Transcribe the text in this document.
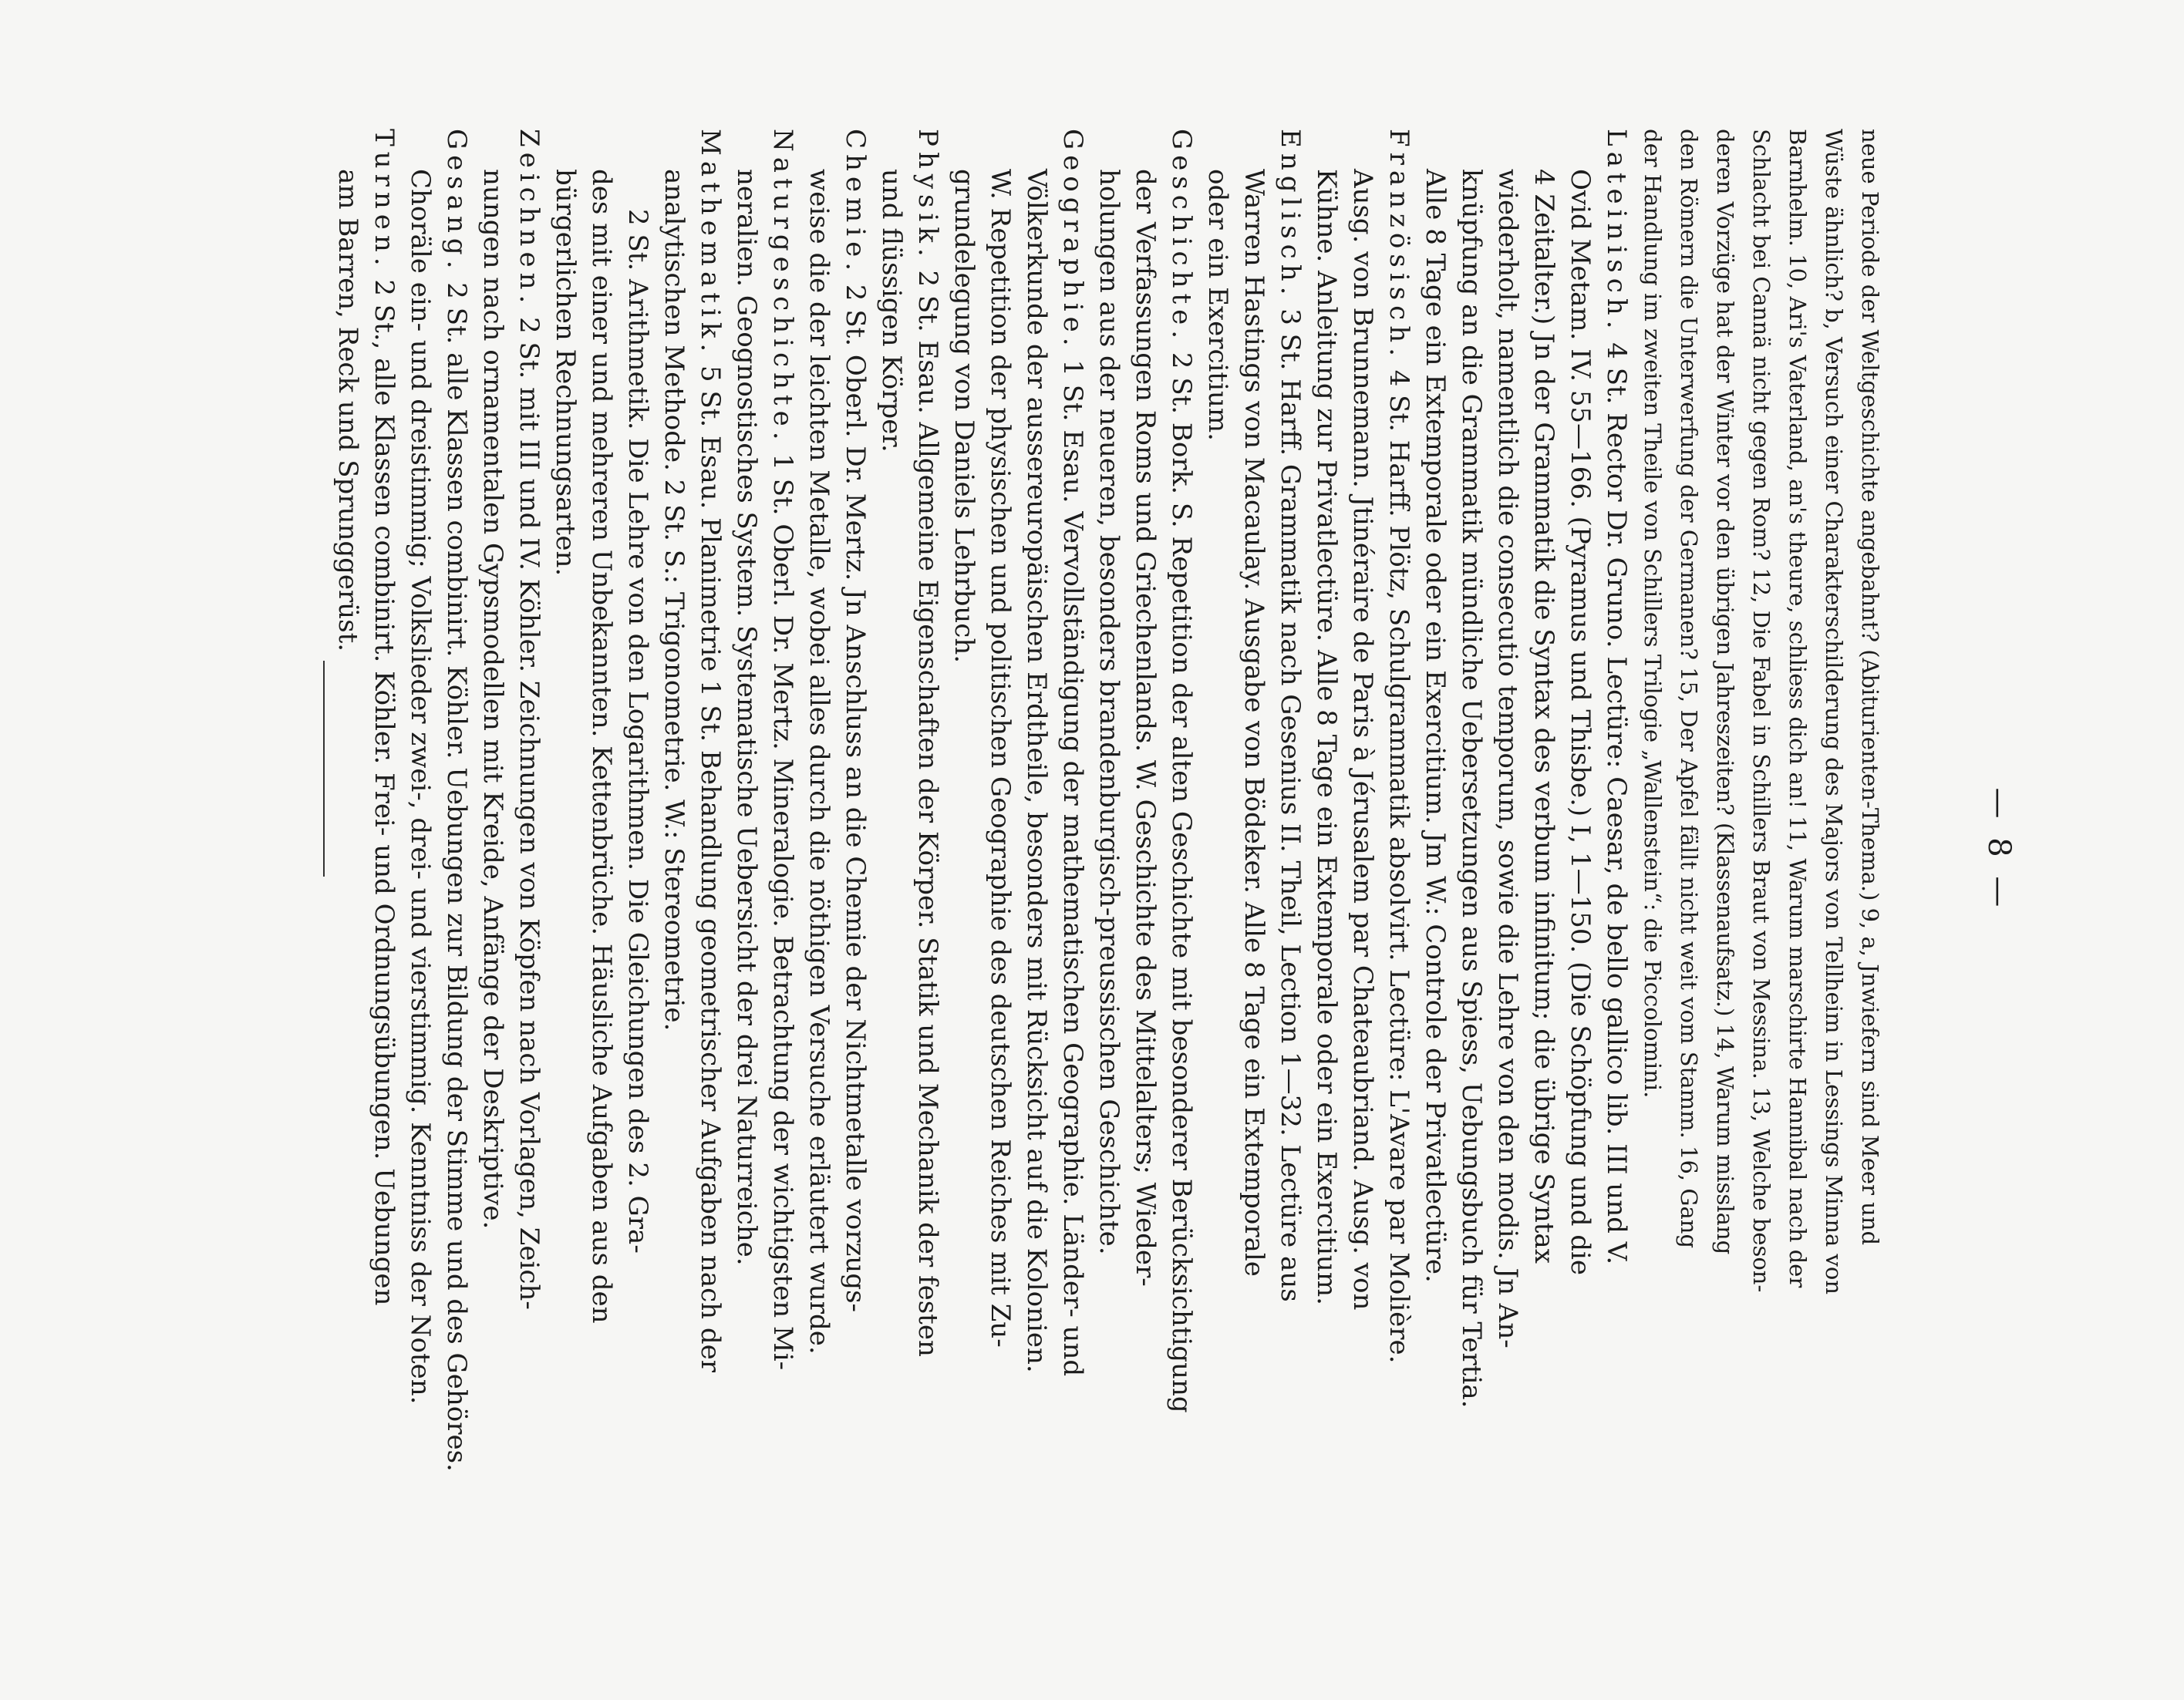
— 8 —
neue Periode der Weltgeschichte angebahnt? (Abiturienten-Thema.) 9, a, Jnwiefern sind Meer und
Wüste ähnlich? b, Versuch einer Charakterschilderung des Majors von Tellheim in Lessings Minna von
Barnhelm. 10, Ari's Vaterland, an's theure, schliess dich an! 11, Warum marschirte Hannibal nach der
Schlacht bei Cannä nicht gegen Rom? 12, Die Fabel in Schillers Braut von Messina. 13, Welche beson-
deren Vorzüge hat der Winter vor den übrigen Jahreszeiten? (Klassenaufsatz.) 14, Warum misslang
den Römern die Unterwerfung der Germanen? 15, Der Apfel fällt nicht weit vom Stamm. 16, Gang
der Handlung im zweiten Theile von Schillers Trilogie „Wallenstein“: die Piccolomini.
Lateinisch. 4 St. Rector Dr. Gruno. Lectüre: Caesar, de bello gallico lib. III und V.
Ovid Metam. IV. 55—166. (Pyramus und Thisbe.) I, 1—150. (Die Schöpfung und die
4 Zeitalter.) Jn der Grammatik die Syntax des verbum infinitum; die übrige Syntax
wiederholt, namentlich die consecutio temporum, sowie die Lehre von den modis. Jn An-
knüpfung an die Grammatik mündliche Uebersetzungen aus Spiess, Uebungsbuch für Tertia.
Alle 8 Tage ein Extemporale oder ein Exercitium. Jm W.: Controle der Privatlectüre.
Französisch. 4 St. Harff. Plötz, Schulgrammatik absolvirt. Lectüre: L'Avare par Molière.
Ausg. von Brunnemann. Jtinéraire de Paris à Jérusalem par Chateaubriand. Ausg. von
Kühne. Anleitung zur Privatlectüre. Alle 8 Tage ein Extemporale oder ein Exercitium.
Englisch. 3 St. Harff. Grammatik nach Gesenius II. Theil, Lection 1—32. Lectüre aus
Warren Hastings von Macaulay. Ausgabe von Bödeker. Alle 8 Tage ein Extemporale
oder ein Exercitium.
Geschichte. 2 St. Bork. S. Repetition der alten Geschichte mit besonderer Berücksichtigung
der Verfassungen Roms und Griechenlands. W. Geschichte des Mittelalters; Wieder-
holungen aus der neueren, besonders brandenburgisch-preussischen Geschichte.
Geographie. 1 St. Esau. Vervollständigung der mathematischen Geographie. Länder- und
Völkerkunde der aussereuropäischen Erdtheile, besonders mit Rücksicht auf die Kolonien.
W. Repetition der physischen und politischen Geographie des deutschen Reiches mit Zu-
grundelegung von Daniels Lehrbuch.
Physik. 2 St. Esau. Allgemeine Eigenschaften der Körper. Statik und Mechanik der festen
und flüssigen Körper.
Chemie. 2 St. Oberl. Dr. Mertz. Jn Anschluss an die Chemie der Nichtmetalle vorzugs-
weise die der leichten Metalle, wobei alles durch die nöthigen Versuche erläutert wurde.
Naturgeschichte. 1 St. Oberl. Dr. Mertz. Mineralogie. Betrachtung der wichtigsten Mi-
neralien. Geognostisches System. Systematische Uebersicht der drei Naturreiche.
Mathematik. 5 St. Esau. Planimetrie 1 St. Behandlung geometrischer Aufgaben nach der
analytischen Methode. 2 St. S.: Trigonometrie. W.: Stereometrie.
2 St. Arithmetik. Die Lehre von den Logarithmen. Die Gleichungen des 2. Gra-
des mit einer und mehreren Unbekannten. Kettenbrüche. Häusliche Aufgaben aus den
bürgerlichen Rechnungsarten.
Zeichnen. 2 St. mit III und IV. Köhler. Zeichnungen von Köpfen nach Vorlagen, Zeich-
nungen nach ornamentalen Gypsmodellen mit Kreide, Anfänge der Deskriptive.
Gesang. 2 St. alle Klassen combinirt. Köhler. Uebungen zur Bildung der Stimme und des Gehöres.
Choräle ein- und dreistimmig; Volkslieder zwei-, drei- und vierstimmig. Kenntniss der Noten.
Turnen. 2 St., alle Klassen combinirt. Köhler. Frei- und Ordnungsübungen. Uebungen
am Barren, Reck und Sprunggerüst.
